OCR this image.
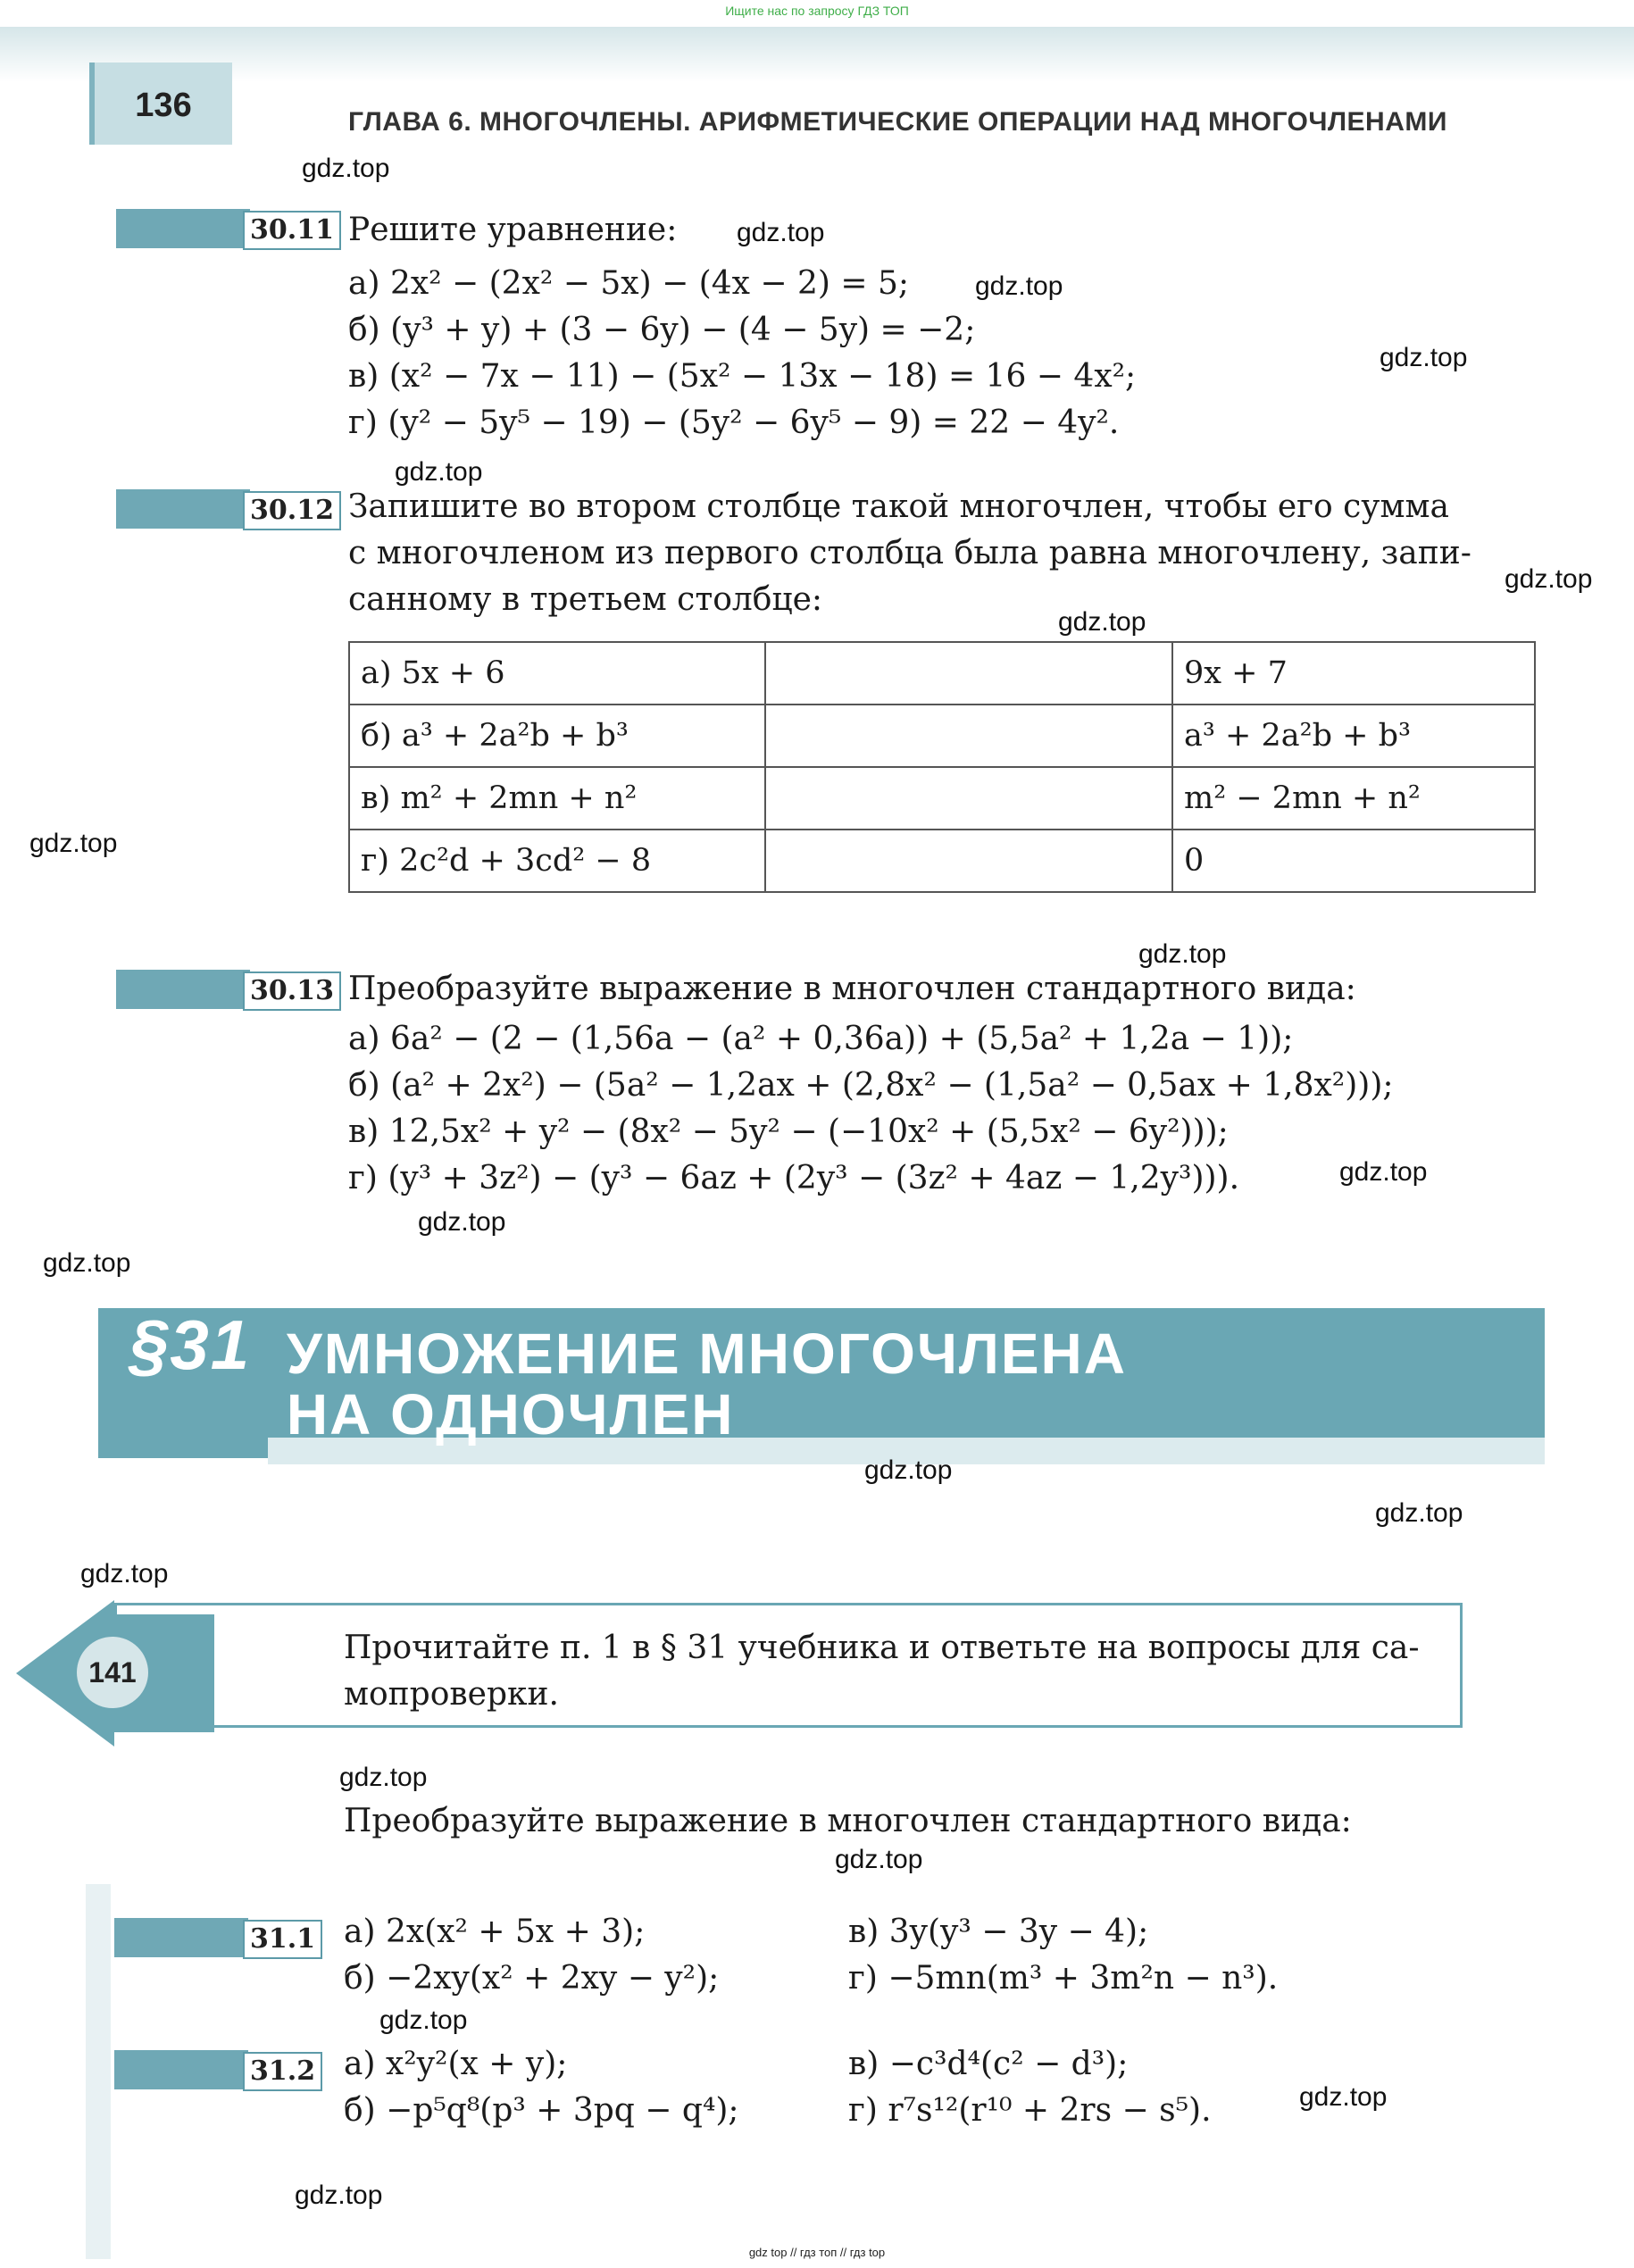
Ищите нас по запросу ГДЗ ТОП
136	ГЛАВА 6. МНОГОЧЛЕНЫ. АРИФМЕТИЧЕСКИЕ ОПЕРАЦИИ НАД МНОГОЧЛЕНАМИ
30.11 Решите уравнение:
а) 2x² − (2x² − 5x) − (4x − 2) = 5;
б) (y³ + y) + (3 − 6y) − (4 − 5y) = −2;
в) (x² − 7x − 11) − (5x² − 13x − 18) = 16 − 4x²;
г) (y² − 5y⁵ − 19) − (5y² − 6y⁵ − 9) = 22 − 4y².
30.12 Запишите во втором столбце такой многочлен, чтобы его сумма
с многочленом из первого столбца была равна многочлену, запи-
санному в третьем столбце:
а) 5x + 6		9x + 7
б) a³ + 2a²b + b³		a³ + 2a²b + b³
в) m² + 2mn + n²		m² − 2mn + n²
г) 2c²d + 3cd² − 8		0
30.13 Преобразуйте выражение в многочлен стандартного вида:
а) 6a² − (2 − (1,56a − (a² + 0,36a)) + (5,5a² + 1,2a − 1));
б) (a² + 2x²) − (5a² − 1,2ax + (2,8x² − (1,5a² − 0,5ax + 1,8x²)));
в) 12,5x² + y² − (8x² − 5y² − (−10x² + (5,5x² − 6y²)));
г) (y³ + 3z²) − (y³ − 6az + (2y³ − (3z² + 4az − 1,2y³))).
§31 УМНОЖЕНИЕ МНОГОЧЛЕНА
НА ОДНОЧЛЕН
141
Прочитайте п. 1 в § 31 учебника и ответьте на вопросы для са-
мопроверки.
Преобразуйте выражение в многочлен стандартного вида:
31.1 а) 2x(x² + 5x + 3);	в) 3y(y³ − 3y − 4);
б) −2xy(x² + 2xy − y²);	г) −5mn(m³ + 3m²n − n³).
31.2 а) x²y²(x + y);	в) −c³d⁴(c² − d³);
б) −p⁵q⁸(p³ + 3pq − q⁴);	г) r⁷s¹²(r¹⁰ + 2rs − s⁵).
gdz.top
gdz.top
gdz.top
gdz.top
gdz.top
gdz.top
gdz.top
gdz.top
gdz.top
gdz.top
gdz.top
gdz.top
gdz.top
gdz.top
gdz.top
gdz.top
gdz.top
gdz.top
gdz.top
gdz.top
gdz top // гдз топ // гдз top
